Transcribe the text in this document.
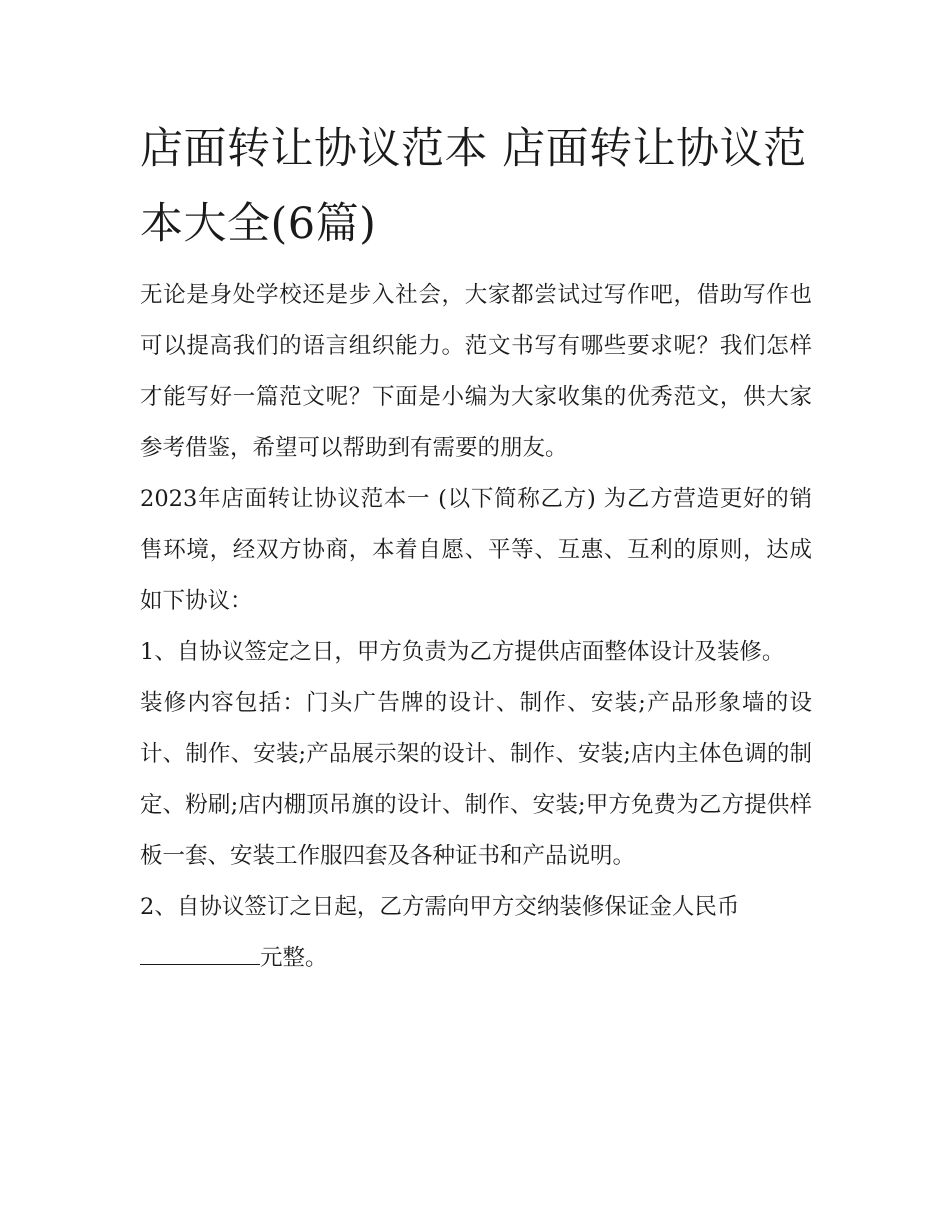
店面转让协议范本 店面转让协议范本大全(6篇)

无论是身处学校还是步入社会，大家都尝试过写作吧，借助写作也可以提高我们的语言组织能力。范文书写有哪些要求呢？我们怎样才能写好一篇范文呢？下面是小编为大家收集的优秀范文，供大家参考借鉴，希望可以帮助到有需要的朋友。

2023年店面转让协议范本一 (以下简称乙方) 为乙方营造更好的销售环境，经双方协商，本着自愿、平等、互惠、互利的原则，达成如下协议：

1、自协议签定之日，甲方负责为乙方提供店面整体设计及装修。

装修内容包括：门头广告牌的设计、制作、安装;产品形象墙的设计、制作、安装;产品展示架的设计、制作、安装;店内主体色调的制定、粉刷;店内棚顶吊旗的设计、制作、安装;甲方免费为乙方提供样板一套、安装工作服四套及各种证书和产品说明。

2、自协议签订之日起，乙方需向甲方交纳装修保证金人民币
元整。
